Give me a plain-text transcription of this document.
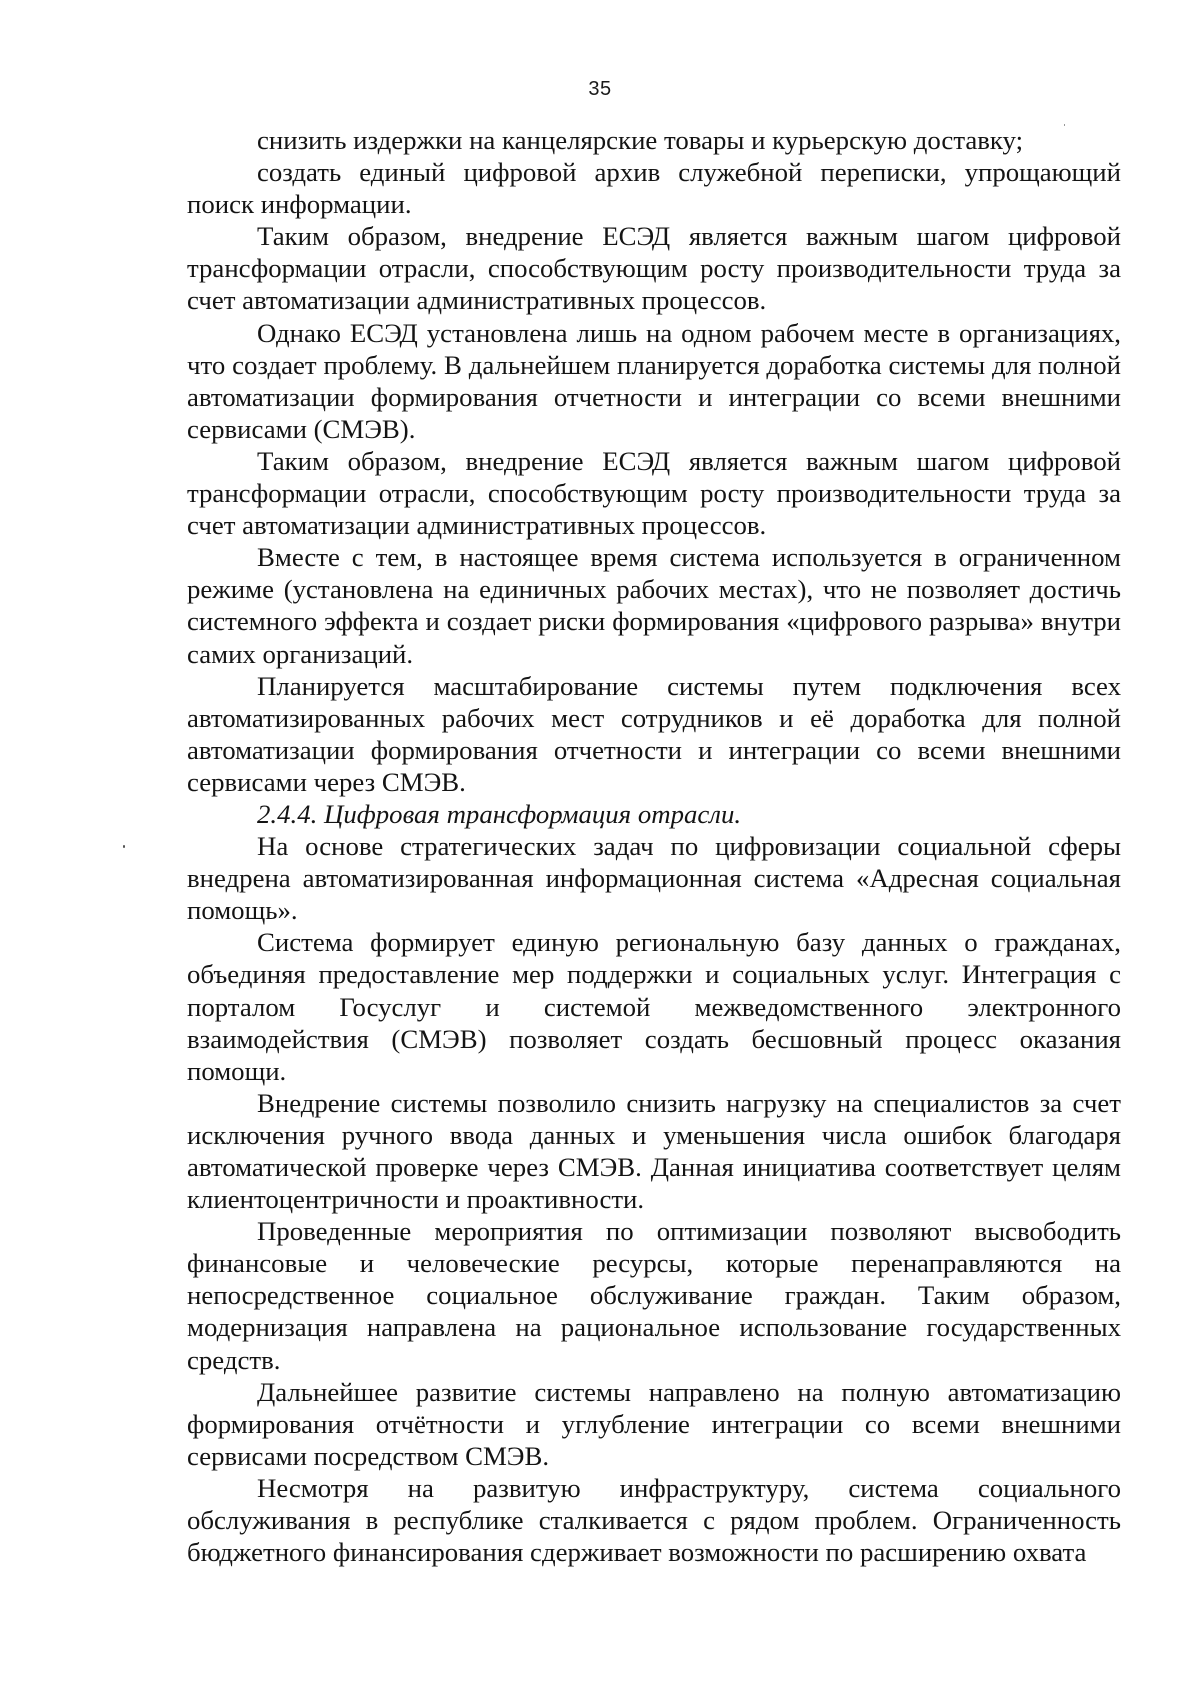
35

снизить издержки на канцелярские товары и курьерскую доставку;

создать единый цифровой архив служебной переписки, упрощающий поиск информации.

Таким образом, внедрение ЕСЭД является важным шагом цифровой трансформации отрасли, способствующим росту производительности труда за счет автоматизации административных процессов.

Однако ЕСЭД установлена лишь на одном рабочем месте в организациях, что создает проблему. В дальнейшем планируется доработка системы для полной автоматизации формирования отчетности и интеграции со всеми внешними сервисами (СМЭВ).

Таким образом, внедрение ЕСЭД является важным шагом цифровой трансформации отрасли, способствующим росту производительности труда за счет автоматизации административных процессов.

Вместе с тем, в настоящее время система используется в ограниченном режиме (установлена на единичных рабочих местах), что не позволяет достичь системного эффекта и создает риски формирования «цифрового разрыва» внутри самих организаций.

Планируется масштабирование системы путем подключения всех автоматизированных рабочих мест сотрудников и её доработка для полной автоматизации формирования отчетности и интеграции со всеми внешними сервисами через СМЭВ.

2.4.4. Цифровая трансформация отрасли.

На основе стратегических задач по цифровизации социальной сферы внедрена автоматизированная информационная система «Адресная социальная помощь».

Система формирует единую региональную базу данных о гражданах, объединяя предоставление мер поддержки и социальных услуг. Интеграция с порталом Госуслуг и системой межведомственного электронного взаимодействия (СМЭВ) позволяет создать бесшовный процесс оказания помощи.

Внедрение системы позволило снизить нагрузку на специалистов за счет исключения ручного ввода данных и уменьшения числа ошибок благодаря автоматической проверке через СМЭВ. Данная инициатива соответствует целям клиентоцентричности и проактивности.

Проведенные мероприятия по оптимизации позволяют высвободить финансовые и человеческие ресурсы, которые перенаправляются на непосредственное социальное обслуживание граждан. Таким образом, модернизация направлена на рациональное использование государственных средств.

Дальнейшее развитие системы направлено на полную автоматизацию формирования отчётности и углубление интеграции со всеми внешними сервисами посредством СМЭВ.

Несмотря на развитую инфраструктуру, система социального обслуживания в республике сталкивается с рядом проблем. Ограниченность бюджетного финансирования сдерживает возможности по расширению охвата
